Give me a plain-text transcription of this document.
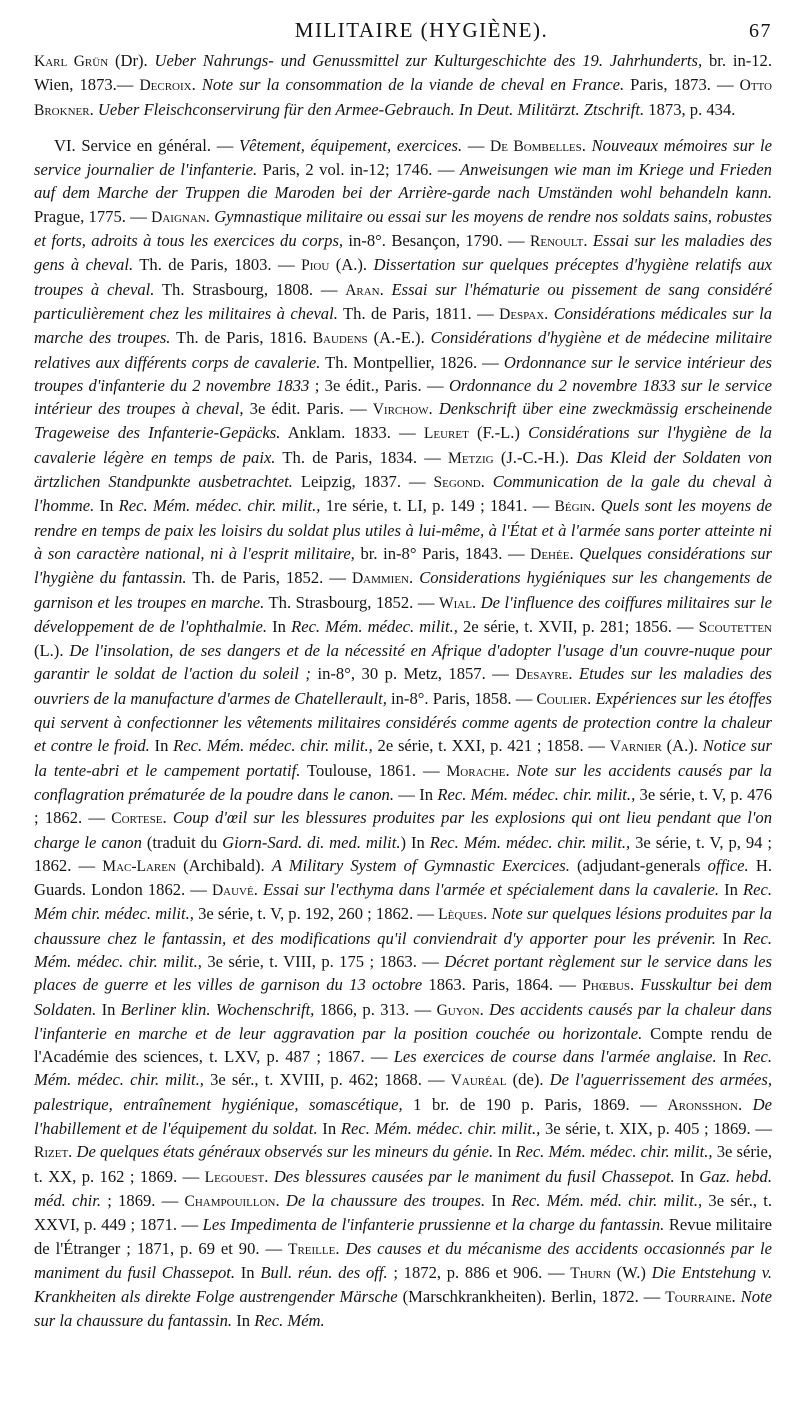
MILITAIRE (HYGIÈNE).	67

Karl Grün (Dr). Ueber Nahrungs- und Genussmittel zur Kulturgeschichte des 19. Jahrhunderts, br. in-12. Wien, 1873.— Decroix. Note sur la consommation de la viande de cheval en France. Paris, 1873. — Otto Brokner. Ueber Fleischconservirung für den Armee-Gebrauch. In Deut. Militärzt. Ztschrift. 1873, p. 434.

VI. Service en général. — Vêtement, équipement, exercices. — De Bombelles. Nouveaux mémoires sur le service journalier de l'infanterie. Paris, 2 vol. in-12; 1746. — Anweisungen wie man im Kriege und Frieden auf dem Marche der Truppen die Maroden bei der Arrière-garde nach Umständen wohl behandeln kann. Prague, 1775. — Daignan. Gymnastique militaire ou essai sur les moyens de rendre nos soldats sains, robustes et forts, adroits à tous les exercices du corps, in-8°. Besançon, 1790. — Renoult. Essai sur les maladies des gens à cheval. Th. de Paris, 1803. — Piou (A.). Dissertation sur quelques préceptes d'hygiène relatifs aux troupes à cheval. Th. Strasbourg, 1808. — Aran. Essai sur l'hématurie ou pissement de sang considéré particulièrement chez les militaires à cheval. Th. de Paris, 1811. — Despax. Considérations médicales sur la marche des troupes. Th. de Paris, 1816. Baudens (A.-E.). Considérations d'hygiène et de médecine militaire relatives aux différents corps de cavalerie. Th. Montpellier, 1826. — Ordonnance sur le service intérieur des troupes d'infanterie du 2 novembre 1833 ; 3e édit., Paris. — Ordonnance du 2 novembre 1833 sur le service intérieur des troupes à cheval, 3e édit. Paris. — Virchow. Denkschrift über eine zweckmässig erscheinende Trageweise des Infanterie-Gepäcks. Anklam. 1833. — Leuret (F.-L.) Considérations sur l'hygiène de la cavalerie légère en temps de paix. Th. de Paris, 1834. — Metzig (J.-C.-H.). Das Kleid der Soldaten von ärtzlichen Standpunkte ausbetrachtet. Leipzig, 1837. — Segond. Communication de la gale du cheval à l'homme. In Rec. Mém. médec. chir. milit., 1re série, t. LI, p. 149 ; 1841. — Bégin. Quels sont les moyens de rendre en temps de paix les loisirs du soldat plus utiles à lui-même, à l'État et à l'armée sans porter atteinte ni à son caractère national, ni à l'esprit militaire, br. in-8° Paris, 1843. — Dehée. Quelques considérations sur l'hygiène du fantassin. Th. de Paris, 1852. — Dammien. Considerations hygiéniques sur les changements de garnison et les troupes en marche. Th. Strasbourg, 1852. — Wial. De l'influence des coiffures militaires sur le développement de de l'ophthalmie. In Rec. Mém. médec. milit., 2e série, t. XVII, p. 281; 1856. — Scoutetten (L.). De l'insolation, de ses dangers et de la nécessité en Afrique d'adopter l'usage d'un couvre-nuque pour garantir le soldat de l'action du soleil ; in-8°, 30 p. Metz, 1857. — Desayre. Etudes sur les maladies des ouvriers de la manufacture d'armes de Chatellerault, in-8°. Paris, 1858. — Coulier. Expériences sur les étoffes qui servent à confectionner les vêtements militaires considérés comme agents de protection contre la chaleur et contre le froid. In Rec. Mém. médec. chir. milit., 2e série, t. XXI, p. 421 ; 1858. — Varnier (A.). Notice sur la tente-abri et le campement portatif. Toulouse, 1861. — Morache. Note sur les accidents causés par la conflagration prématurée de la poudre dans le canon. — In Rec. Mém. médec. chir. milit., 3e série, t. V, p. 476 ; 1862. — Cortese. Coup d'œil sur les blessures produites par les explosions qui ont lieu pendant que l'on charge le canon (traduit du Giorn-Sard. di. med. milit.) In Rec. Mém. médec. chir. milit., 3e série, t. V, p, 94 ; 1862. — Mac-Laren (Archibald). A Military System of Gymnastic Exercices. (adjudant-generals office. H. Guards. London 1862. — Dauvé. Essai sur l'ecthyma dans l'armée et spécialement dans la cavalerie. In Rec. Mém chir. médec. milit., 3e série, t. V, p. 192, 260 ; 1862. — Lèques. Note sur quelques lésions produites par la chaussure chez le fantassin, et des modifications qu'il conviendrait d'y apporter pour les prévenir. In Rec. Mém. médec. chir. milit., 3e série, t. VIII, p. 175 ; 1863. — Décret portant règlement sur le service dans les places de guerre et les villes de garnison du 13 octobre 1863. Paris, 1864. — Phœbus. Fusskultur bei dem Soldaten. In Berliner klin. Wochenschrift, 1866, p. 313. — Guyon. Des accidents causés par la chaleur dans l'infanterie en marche et de leur aggravation par la position couchée ou horizontale. Compte rendu de l'Académie des sciences, t. LXV, p. 487 ; 1867. — Les exercices de course dans l'armée anglaise. In Rec. Mém. médec. chir. milit., 3e sér., t. XVIII, p. 462; 1868. — Vauréal (de). De l'aguerrissement des armées, palestrique, entraînement hygiénique, somascétique, 1 br. de 190 p. Paris, 1869. — Aronsshon. De l'habillement et de l'équipement du soldat. In Rec. Mém. médec. chir. milit., 3e série, t. XIX, p. 405 ; 1869. — Rizet. De quelques états généraux observés sur les mineurs du génie. In Rec. Mém. médec. chir. milit., 3e série, t. XX, p. 162 ; 1869. — Legouest. Des blessures causées par le maniment du fusil Chassepot. In Gaz. hebd. méd. chir. ; 1869. — Champouillon. De la chaussure des troupes. In Rec. Mém. méd. chir. milit., 3e sér., t. XXVI, p. 449 ; 1871. — Les Impedimenta de l'infanterie prussienne et la charge du fantassin. Revue militaire de l'Étranger ; 1871, p. 69 et 90. — Treille. Des causes et du mécanisme des accidents occasionnés par le maniment du fusil Chassepot. In Bull. réun. des off. ; 1872, p. 886 et 906. — Thurn (W.) Die Entstehung v. Krankheiten als direkte Folge austrengender Märsche (Marschkrankheiten). Berlin, 1872. — Tourraine. Note sur la chaussure du fantassin. In Rec. Mém.
